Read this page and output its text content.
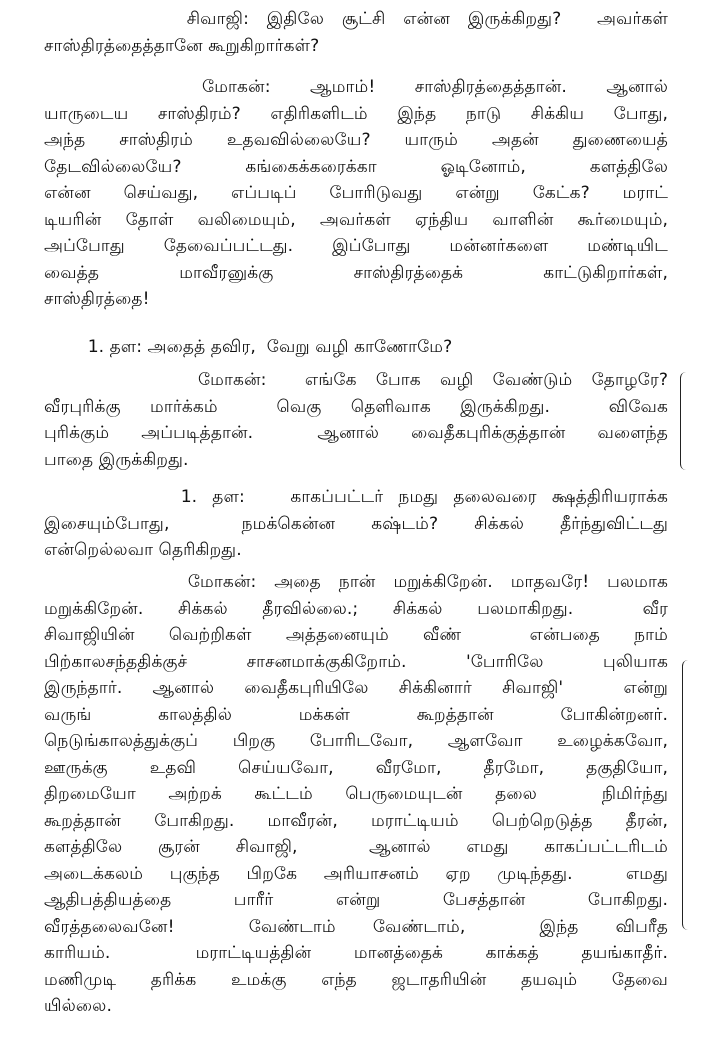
சிவாஜி: இதிலே சூட்சி என்ன இருக்கிறது?  அவர்கள்
சாஸ்திரத்தைத்தானே கூறுகிறார்கள்?
மோகன்:  ஆமாம்!  சாஸ்திரத்தைத்தான்.  ஆனால்
யாருடைய சாஸ்திரம்? எதிரிகளிடம் இந்த நாடு சிக்கிய போது,
அந்த சாஸ்திரம் உதவவில்லையே? யாரும் அதன் துணையைத்
தேடவில்லையே? கங்கைக்கரைக்கா ஓடினோம், களத்திலே
என்ன செய்வது, எப்படிப் போரிடுவது என்று கேட்க? மராட்
டியரின் தோள் வலிமையும், அவர்கள் ஏந்திய வாளின் கூர்மையும்,
அப்போது தேவைப்பட்டது. இப்போது மன்னர்களை மண்டியிட
வைத்த மாவீரனுக்கு சாஸ்திரத்தைக் காட்டுகிறார்கள்,
சாஸ்திரத்தை!
1. தள: அதைத் தவிர,  வேறு வழி காணோமே?
மோகன்:  எங்கே போக வழி வேண்டும் தோழரே?
வீரபுரிக்கு மார்க்கம்  வெகு தெளிவாக இருக்கிறது.  விவேக
புரிக்கும் அப்படித்தான்.  ஆனால் வைதீகபுரிக்குத்தான் வளைந்த
பாதை இருக்கிறது.
1. தள:   காகப்பட்டர் நமது தலைவரை க்ஷத்திரியராக்க
இசையும்போது,  நமக்கென்ன கஷ்டம்? சிக்கல் தீர்ந்துவிட்டது
என்றெல்லவா தெரிகிறது.
மோகன்: அதை நான் மறுக்கிறேன். மாதவரே! பலமாக
மறுக்கிறேன். சிக்கல் தீரவில்லை.; சிக்கல் பலமாகிறது.  வீர
சிவாஜியின் வெற்றிகள் அத்தனையும் வீண்  என்பதை நாம்
பிற்காலசந்ததிக்குச் சாசனமாக்குகிறோம். 'போரிலே புலியாக
இருந்தார். ஆனால் வைதீகபுரியிலே சிக்கினார் சிவாஜி'  என்று
வருங் காலத்தில் மக்கள் கூறத்தான் போகின்றனர்.
நெடுங்காலத்துக்குப் பிறகு போரிடவோ, ஆளவோ உழைக்கவோ,
ஊருக்கு உதவி செய்யவோ, வீரமோ, தீரமோ, தகுதியோ,
திறமையோ அற்றக் கூட்டம் பெருமையுடன் தலை  நிமிர்ந்து
கூறத்தான் போகிறது. மாவீரன், மராட்டியம் பெற்றெடுத்த தீரன்,
களத்திலே சூரன் சிவாஜி,  ஆனால் எமது காகப்பட்டரிடம்
அடைக்கலம் புகுந்த பிறகே அரியாசனம் ஏற முடிந்தது.  எமது
ஆதிபத்தியத்தை பாரீர் என்று பேசத்தான் போகிறது.
வீரத்தலைவனே!  வேண்டாம் வேண்டாம்,  இந்த விபரீத
காரியம்.  மராட்டியத்தின் மானத்தைக் காக்கத் தயங்காதீர்.
மணிமுடி தரிக்க உமக்கு எந்த ஜடாதரியின் தயவும் தேவை
யில்லை.
